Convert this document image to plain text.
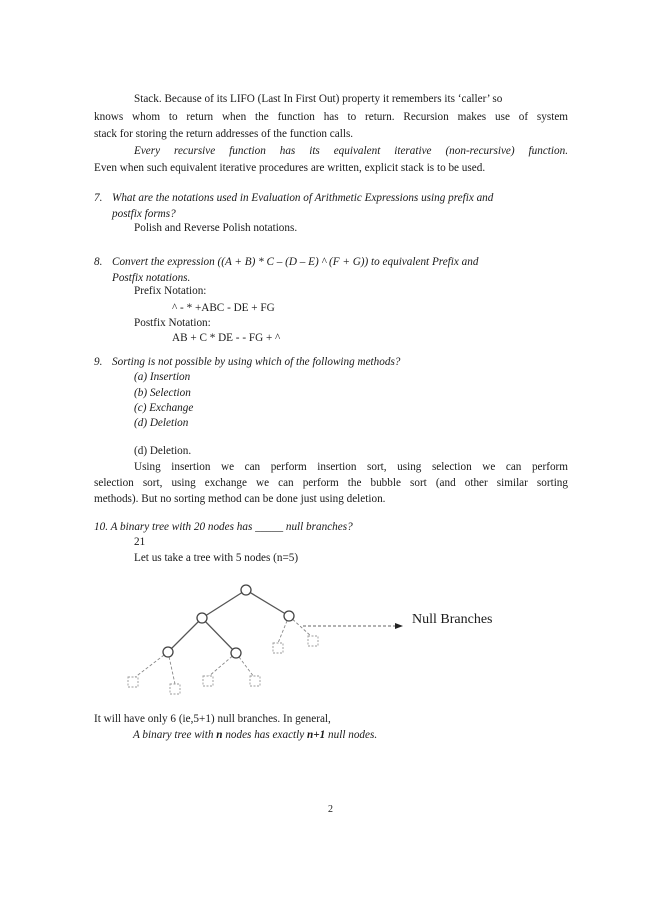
Stack. Because of its LIFO (Last In First Out) property it remembers its ‘caller’ so
knows whom to return when the function has to return. Recursion makes use of system
stack for storing the return addresses of the function calls.
Every recursive function has its equivalent iterative (non-recursive) function.
Even when such equivalent iterative procedures are written, explicit stack is to be used.
7. What are the notations used in Evaluation of Arithmetic Expressions using prefix and
postfix forms?
Polish and Reverse Polish notations.
8. Convert the expression ((A + B) * C – (D – E) ^ (F + G)) to equivalent Prefix and
Postfix notations.
Prefix Notation:
^ - * +ABC - DE + FG
Postfix Notation:
AB + C * DE - - FG + ^
9. Sorting is not possible by using which of the following methods?
(a) Insertion
(b) Selection
(c) Exchange
(d) Deletion
(d) Deletion.
Using insertion we can perform insertion sort, using selection we can perform
selection sort, using exchange we can perform the bubble sort (and other similar sorting
methods). But no sorting method can be done just using deletion.
10. A binary tree with 20 nodes has _____ null branches?
21
Let us take a tree with 5 nodes (n=5)
Null Branches
It will have only 6 (ie,5+1) null branches. In general,
A binary tree with n nodes has exactly n+1 null nodes.
2
